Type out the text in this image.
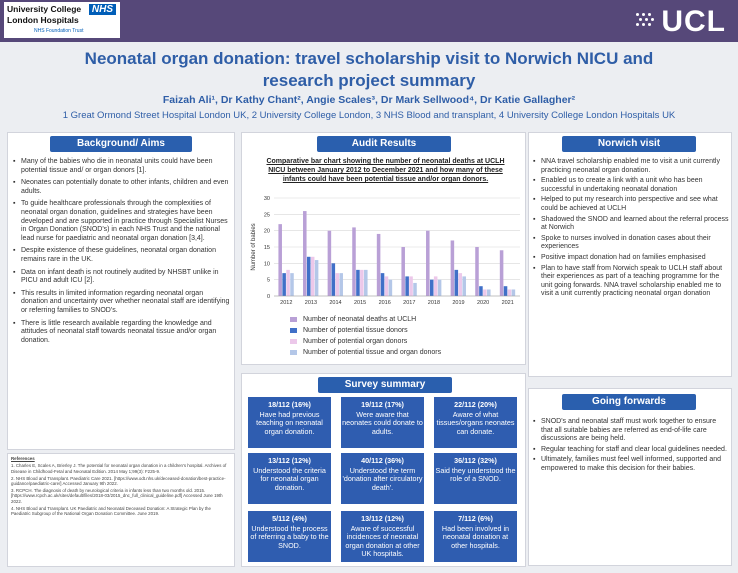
University College	NHS
London Hospitals
NHS Foundation Trust	UCL
Neonatal organ donation: travel scholarship visit to Norwich NICU and
research project summary
Faizah Ali¹, Dr Kathy Chant², Angie Scales³, Dr Mark Sellwood⁴, Dr Katie Gallagher²
1 Great Ormond Street Hospital London UK, 2 University College London, 3 NHS Blood and transplant, 4 University College London Hospitals UK
Background/ Aims
▪ Many of the babies who die in neonatal units could have been potential tissue and/ or organ donors [1].
▪ Neonates can potentially donate to other infants, children and even adults.
▪ To guide healthcare professionals through the complexities of neonatal organ donation, guidelines and strategies have been developed and are supported in practice through Specialist Nurses in Organ Donation (SNOD's) in each NHS Trust and the national lead nurse for paediatric and neonatal organ donation [3,4].
▪ Despite existence of these guidelines, neonatal organ donation remains rare in the UK.
▪ Data on infant death is not routinely audited by NHSBT unlike in PICU and adult ICU [2].
▪ This results in limited information regarding neonatal organ donation and uncertainty over whether neonatal staff are identifying or referring families to SNOD's.
▪ There is little research available regarding the knowledge and attitudes of neonatal staff towards neonatal tissue and/or organ donation.
References

1. Charles E, Scales A, Brierley J. The potential for neonatal organ donation in a children's hospital. Archives of Disease in Childhood-Fetal and Neonatal Edition. 2014 May 1;99(3): F225-9.

2. NHS Blood and Transplant. Paediatric Care 2021. [https://www.odt.nhs.uk/deceased-donation/best-practice-guidance/paediatric-care/] Accessed January 9th 2022.

3. RCPCH. The diagnosis of death by neurological criteria in infants less than two months old. 2015. [https://www.rcpch.ac.uk/sites/default/files/2018-03/2015_dnc_full_clinical_guideline.pdf] Accessed June 19th 2022.

4. NHS Blood and Transplant. UK Paediatric and Neonatal Deceased Donation: A Strategic Plan by the Paediatric Subgroup of the National Organ Donation Committee. June 2019.

Audit Results
Comparative bar chart showing the number of neonatal deaths at UCLH
NICU between January 2012 to December 2021 and how many of these
infants could have been potential tissue and/or organ donors.
0
5
10
15
20
25
30
Number of babies
2012 2013 2014 2015 2016 2017 2018 2019 2020 2021
Number of neonatal deaths at UCLH
Number of potential tissue donors
Number of potential organ donors
Number of potential tissue and organ donors
Survey summary
18/112 (16%)
Have had previous teaching on neonatal organ donation.
19/112 (17%)
Were aware that neonates could donate to adults.
22/112 (20%)
Aware of what tissues/organs neonates can donate.
13/112 (12%)
Understood the criteria for neonatal organ donation.
40/112 (36%)
Understood the term 'donation after circulatory death'.
36/112 (32%)
Said they understood the role of a SNOD.
5/112 (4%)
Understood the process of referring a baby to the SNOD.
13/112 (12%)
Aware of successful incidences of neonatal organ donation at other UK hospitals.
7/112 (6%)
Had been involved in neonatal donation at other hospitals.
Norwich visit
▪ NNA travel scholarship enabled me to visit a unit currently practicing neonatal organ donation.
▪ Enabled us to create a link with a unit who has been successful in undertaking neonatal donation
▪ Helped to put my research into perspective and see what could be achieved at UCLH
▪ Shadowed the SNOD and learned about the referral process at Norwich
▪ Spoke to nurses involved in donation cases about their experiences
▪ Positive impact donation had on families emphasised
▪ Plan to have staff from Norwich speak to UCLH staff about their experiences as part of a teaching programme for the unit going forwards. NNA travel scholarship enabled me to visit a unit currently practicing neonatal organ donation
Going forwards
▪ SNOD's and neonatal staff must work together to ensure that all suitable babies are referred as end-of-life care discussions are being held.
▪ Regular teaching for staff and clear local guidelines needed.
▪ Ultimately, families must feel well informed, supported and empowered to make this decision for their babies.
